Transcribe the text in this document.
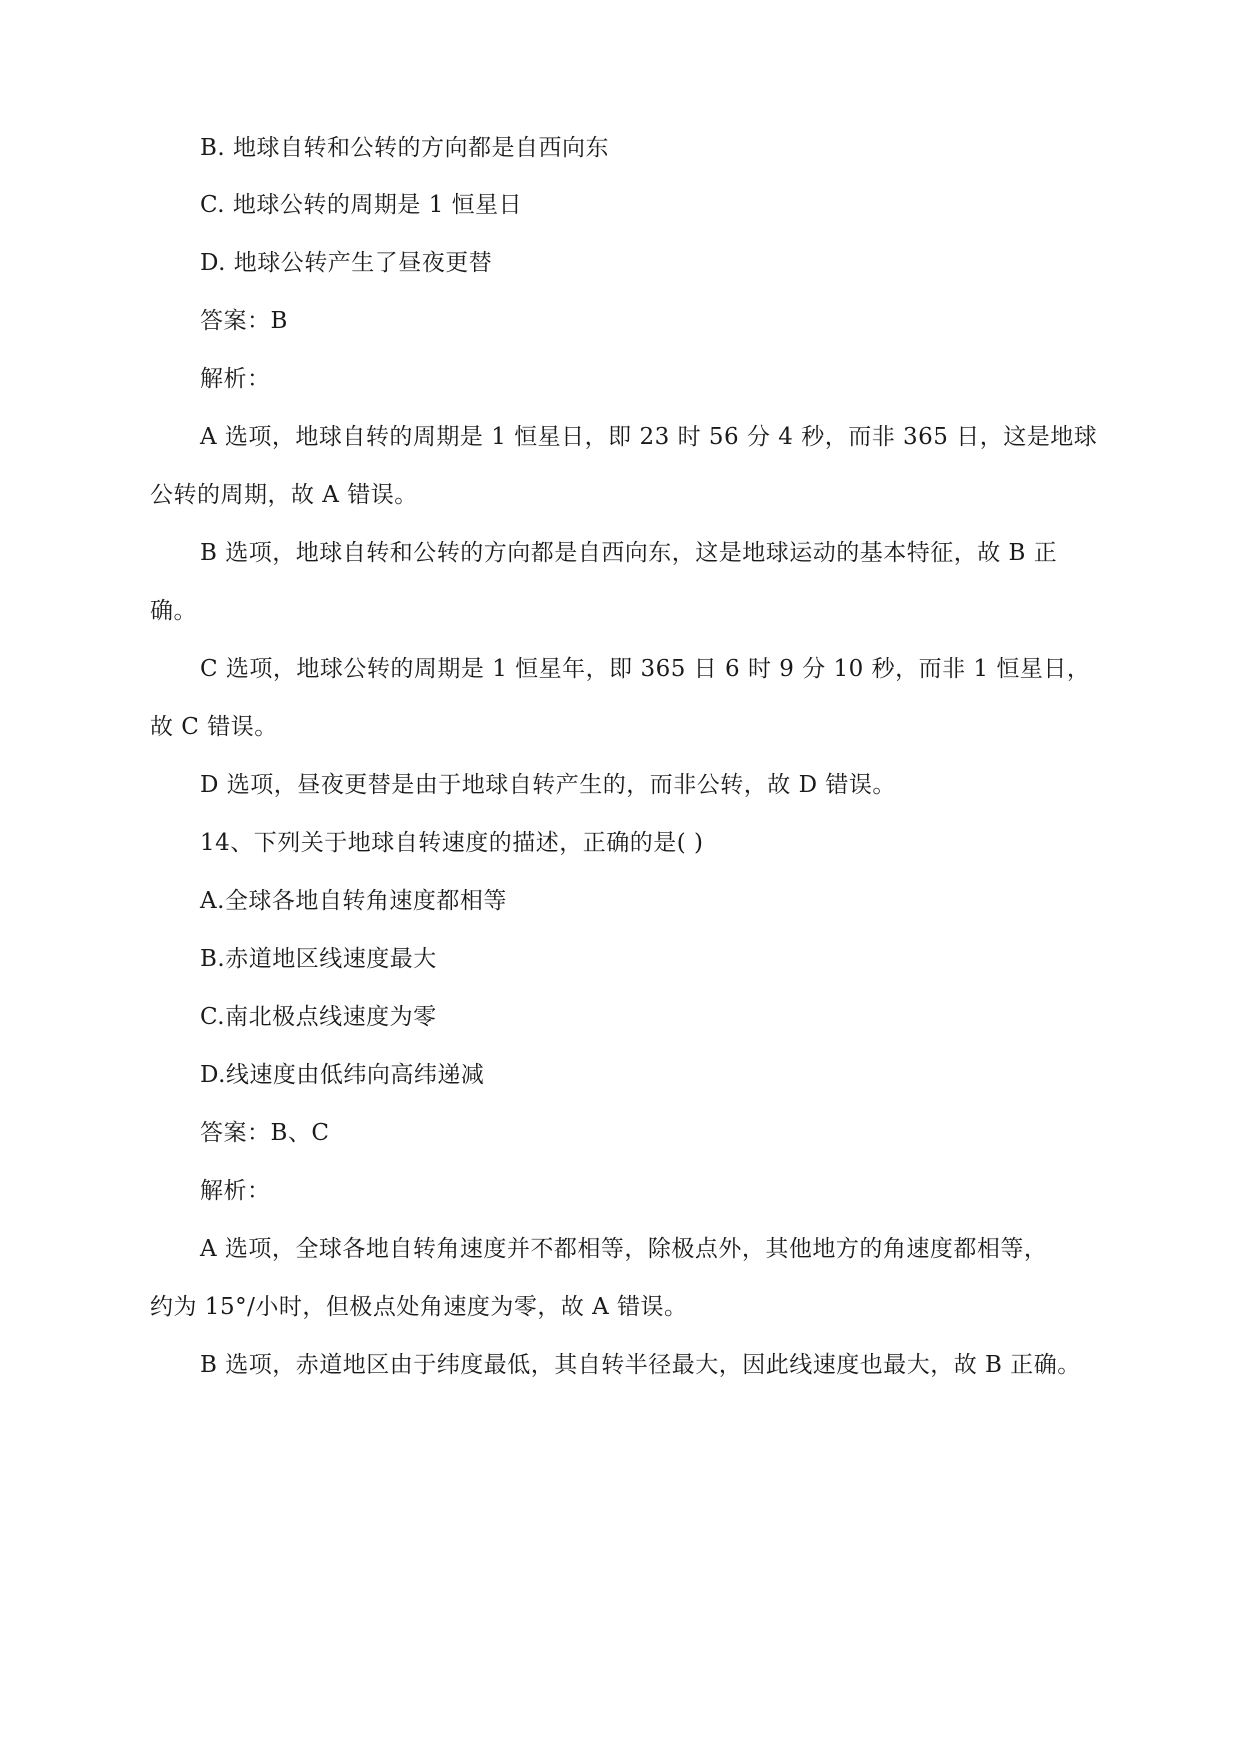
B. 地球自转和公转的方向都是自西向东
C. 地球公转的周期是 1 恒星日
D. 地球公转产生了昼夜更替
答案：B
解析：
A 选项，地球自转的周期是 1 恒星日，即 23 时 56 分 4 秒，而非 365 日，这是地球
公转的周期，故 A 错误。
B 选项，地球自转和公转的方向都是自西向东，这是地球运动的基本特征，故 B 正
确。
C 选项，地球公转的周期是 1 恒星年，即 365 日 6 时 9 分 10 秒，而非 1 恒星日，
故 C 错误。
D 选项，昼夜更替是由于地球自转产生的，而非公转，故 D 错误。
14、下列关于地球自转速度的描述，正确的是( )
A.全球各地自转角速度都相等
B.赤道地区线速度最大
C.南北极点线速度为零
D.线速度由低纬向高纬递减
答案：B、C
解析：
A 选项，全球各地自转角速度并不都相等，除极点外，其他地方的角速度都相等，
约为 15°/小时，但极点处角速度为零，故 A 错误。
B 选项，赤道地区由于纬度最低，其自转半径最大，因此线速度也最大，故 B 正确。
